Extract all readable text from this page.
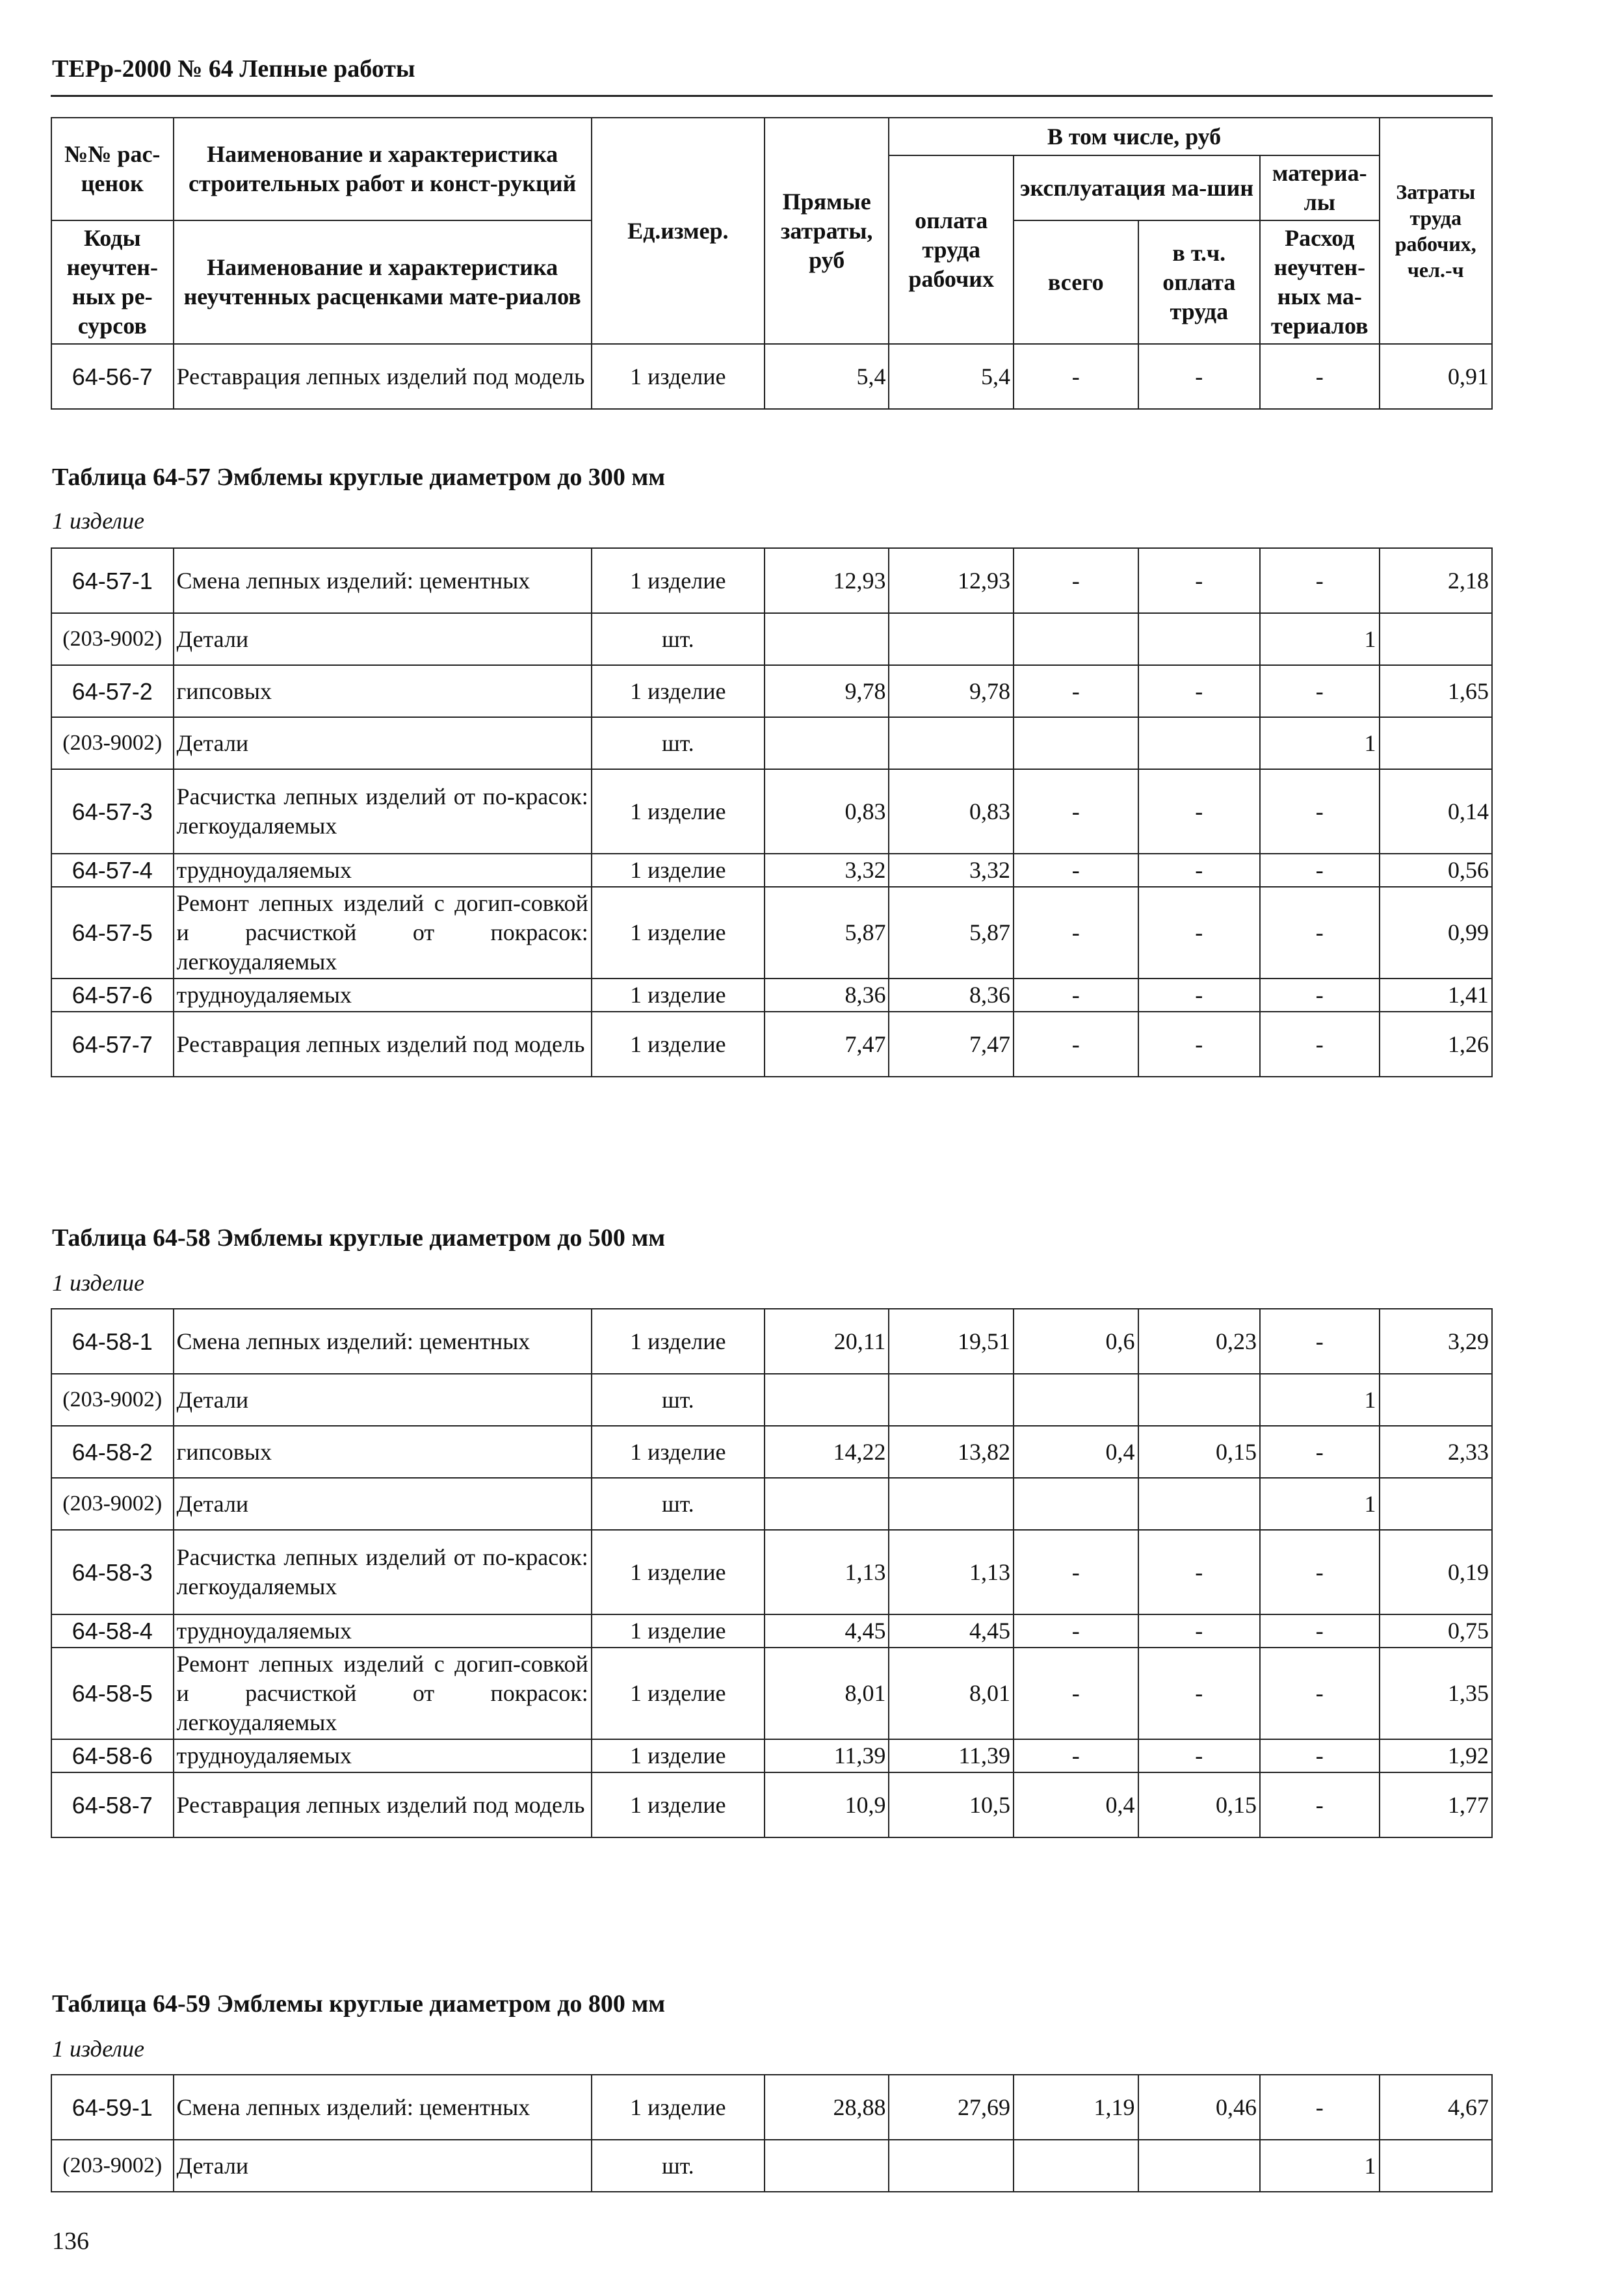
ТЕРр-2000 № 64 Лепные работы
№№ рас-ценок	Наименование и характеристика строительных работ и конст-рукций	Ед.измер.	Прямые затраты, руб	В том числе, руб				Затраты труда рабочих, чел.-ч
				оплата труда рабочих	эксплуатация ма-шин		материа-лы	
					всего	в т.ч. оплата труда	Расход неучтен-ных ма-териалов	
Коды неучтен-ных ре-сурсов	Наименование и характеристика неучтенных расценками мате-риалов							

64-56-7	Реставрация лепных изделий под модель	1 изделие	5,4	5,4	-	-	-	0,91
Таблица 64-57 Эмблемы круглые диаметром до 300 мм
1 изделие
64-57-1	Смена лепных изделий: цементных	1 изделие	12,93	12,93	-	-	-	2,18
(203-9002)	Детали	шт.					1	
64-57-2	гипсовых	1 изделие	9,78	9,78	-	-	-	1,65
(203-9002)	Детали	шт.					1	
64-57-3	Расчистка лепных изделий от по-красок: легкоудаляемых	1 изделие	0,83	0,83	-	-	-	0,14
64-57-4	трудноудаляемых	1 изделие	3,32	3,32	-	-	-	0,56
64-57-5	Ремонт лепных изделий с догип-совкой и расчисткой от покрасок: легкоудаляемых	1 изделие	5,87	5,87	-	-	-	0,99
64-57-6	трудноудаляемых	1 изделие	8,36	8,36	-	-	-	1,41
64-57-7	Реставрация лепных изделий под модель	1 изделие	7,47	7,47	-	-	-	1,26
Таблица 64-58 Эмблемы круглые диаметром до 500 мм
1 изделие
64-58-1	Смена лепных изделий: цементных	1 изделие	20,11	19,51	0,6	0,23	-	3,29
(203-9002)	Детали	шт.					1	
64-58-2	гипсовых	1 изделие	14,22	13,82	0,4	0,15	-	2,33
(203-9002)	Детали	шт.					1	
64-58-3	Расчистка лепных изделий от по-красок: легкоудаляемых	1 изделие	1,13	1,13	-	-	-	0,19
64-58-4	трудноудаляемых	1 изделие	4,45	4,45	-	-	-	0,75
64-58-5	Ремонт лепных изделий с догип-совкой и расчисткой от покрасок: легкоудаляемых	1 изделие	8,01	8,01	-	-	-	1,35
64-58-6	трудноудаляемых	1 изделие	11,39	11,39	-	-	-	1,92
64-58-7	Реставрация лепных изделий под модель	1 изделие	10,9	10,5	0,4	0,15	-	1,77
Таблица 64-59 Эмблемы круглые диаметром до 800 мм
1 изделие
64-59-1	Смена лепных изделий: цементных	1 изделие	28,88	27,69	1,19	0,46	-	4,67
(203-9002)	Детали	шт.					1	
136
